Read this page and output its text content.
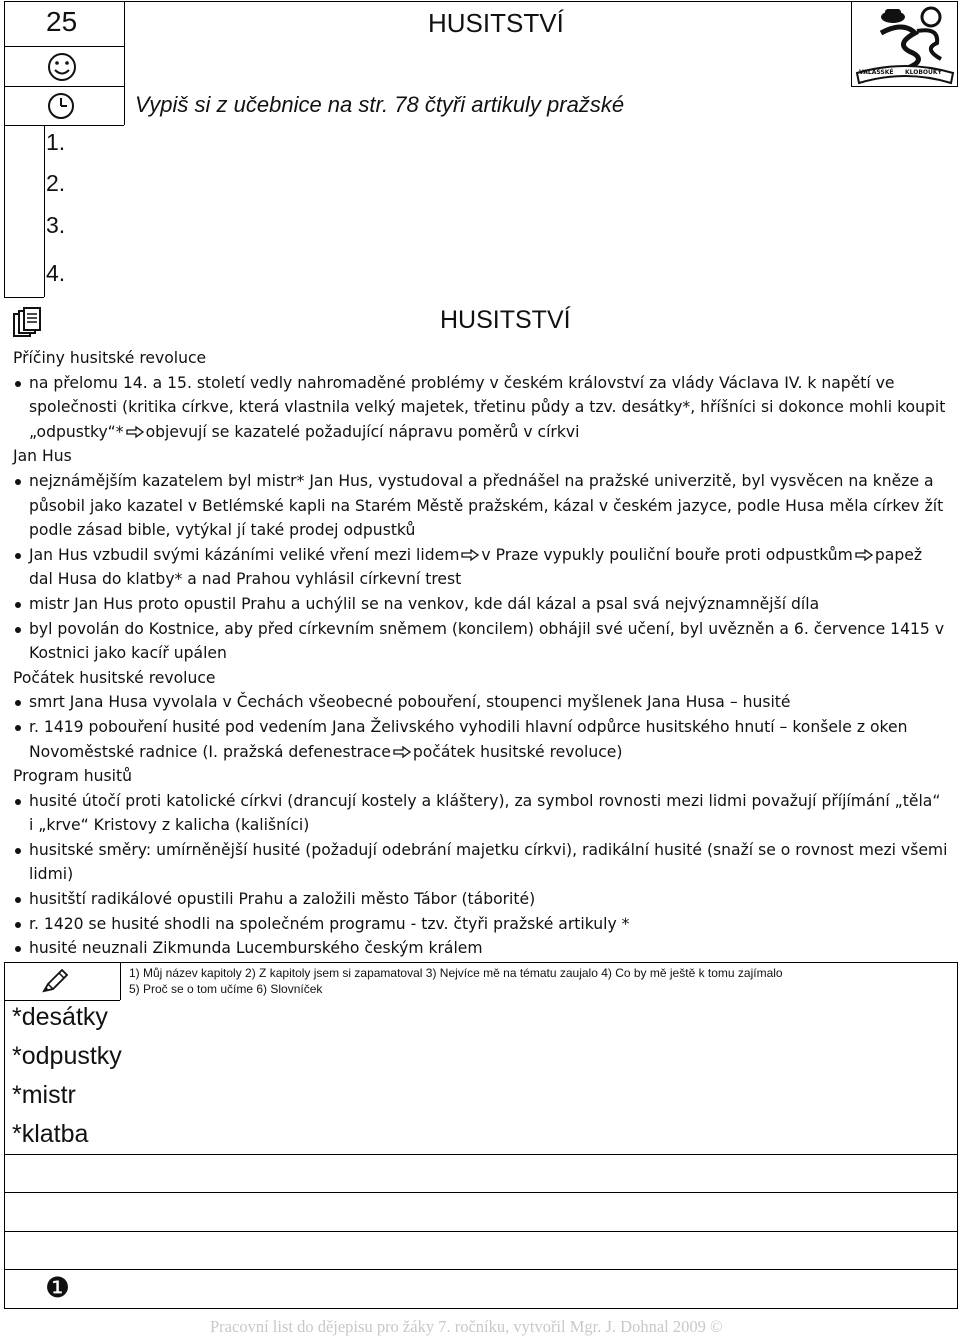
25	HUSITSTVÍ
VALAŠSKÉ KLOBOUKY
Vypiš si z učebnice na str. 78 čtyři artikuly pražské
1.
2.
3.
4.
HUSITSTVÍ
Příčiny husitské revoluce
na přelomu 14. a 15. století vedly nahromaděné problémy v českém království za vlády Václava IV. k napětí ve společnosti (kritika církve, která vlastnila velký majetek, třetinu půdy a tzv. desátky*, hříšníci si dokonce mohli koupit „odpustky“* objevují se kazatelé požadující nápravu poměrů v církvi
Jan Hus
nejznámějším kazatelem byl mistr* Jan Hus, vystudoval a přednášel na pražské univerzitě, byl vysvěcen na kněze a působil jako kazatel v Betlémské kapli na Starém Městě pražském, kázal v českém jazyce, podle Husa měla církev žít podle zásad bible, vytýkal jí také prodej odpustků
Jan Hus vzbudil svými kázáními veliké vření mezi lidem v Praze vypukly pouliční bouře proti odpustkům papež dal Husa do klatby* a nad Prahou vyhlásil církevní trest
mistr Jan Hus proto opustil Prahu a uchýlil se na venkov, kde dál kázal a psal svá nejvýznamnější díla
byl povolán do Kostnice, aby před církevním sněmem (koncilem) obhájil své učení, byl uvězněn a 6. července 1415 v Kostnici jako kacíř upálen
Počátek husitské revoluce
smrt Jana Husa vyvolala v Čechách všeobecné pobouření, stoupenci myšlenek Jana Husa – husité
r. 1419 pobouření husité pod vedením Jana Želivského vyhodili hlavní odpůrce husitského hnutí – konšele z oken Novoměstské radnice (I. pražská defenestrace počátek husitské revoluce)
Program husitů
husité útočí proti katolické církvi (drancují kostely a kláštery), za symbol rovnosti mezi lidmi považují příjímání „těla“ i „krve“ Kristovy z kalicha (kališníci)
husitské směry: umírněnější husité (požadují odebrání majetku církvi), radikální husité (snaží se o rovnost mezi všemi lidmi)
husitští radikálové opustili Prahu a založili město Tábor (táborité)
r. 1420 se husité shodli na společném programu - tzv. čtyři pražské artikuly *
husité neuznali Zikmunda Lucemburského českým králem
1) Můj název kapitoly 2) Z kapitoly jsem si zapamatoval 3) Nejvíce mě na tématu zaujalo 4) Co by mě ještě k tomu zajímalo
5) Proč se o tom učíme 6) Slovníček
*desátky
*odpustky
*mistr
*klatba
❶
Pracovní list do dějepisu pro žáky 7. ročníku, vytvořil Mgr. J. Dohnal 2009 ©
